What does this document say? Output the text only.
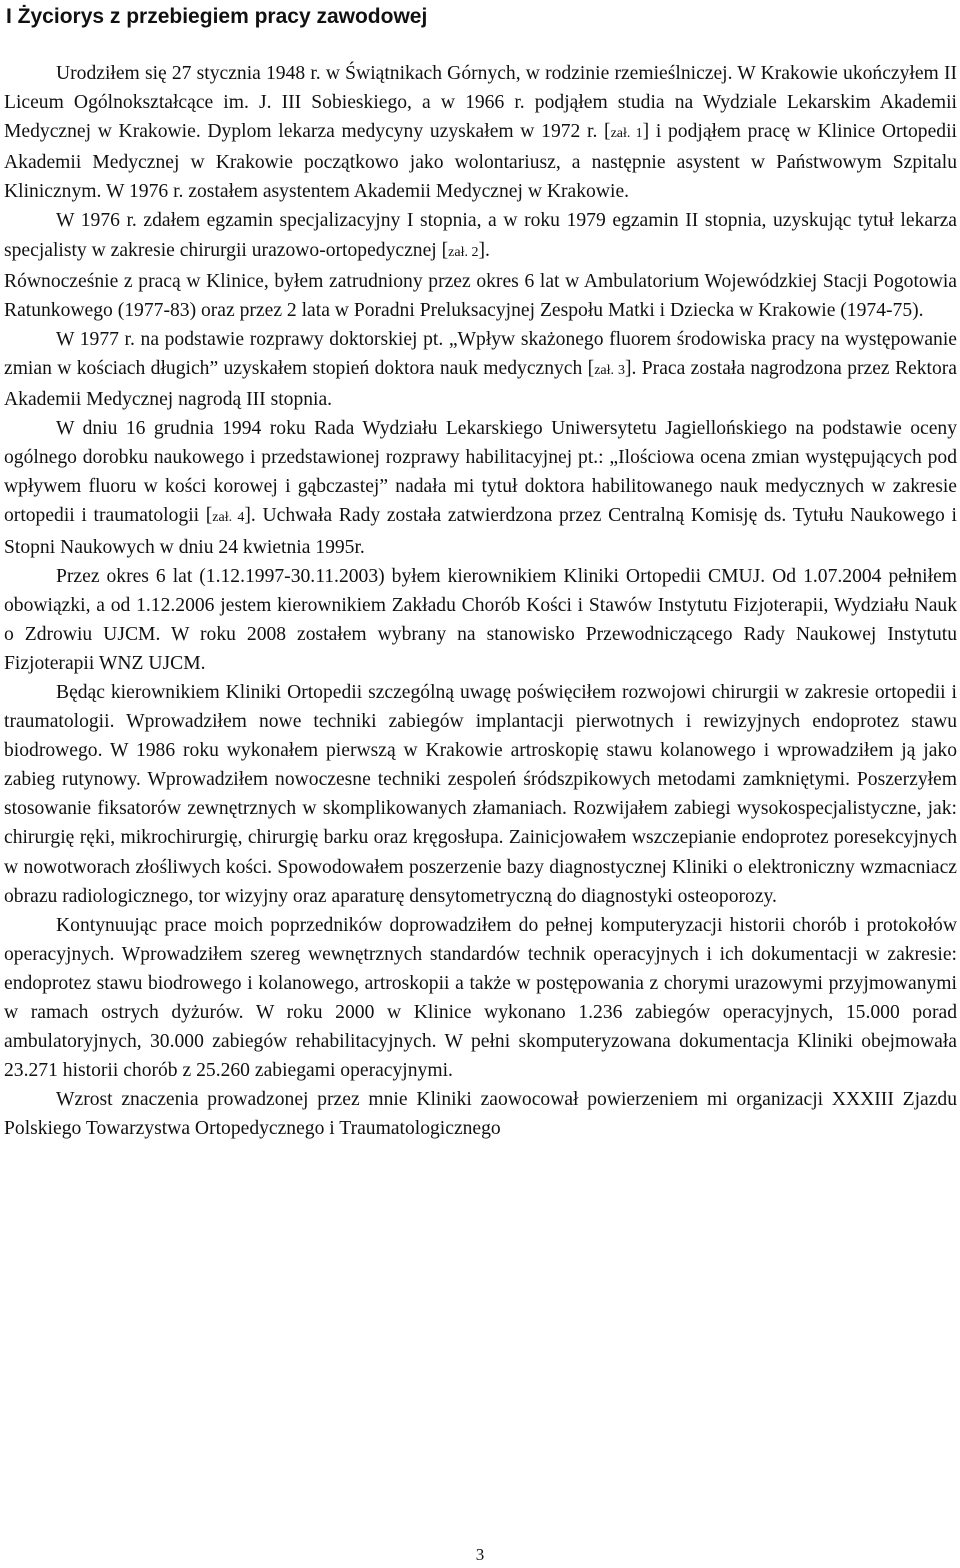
I Życiorys z przebiegiem pracy zawodowej

Urodziłem się 27 stycznia 1948 r. w Świątnikach Górnych, w rodzinie rzemieślniczej. W Krakowie ukończyłem II Liceum Ogólnokształcące im. J. III Sobieskiego, a w 1966 r. podjąłem studia na Wydziale Lekarskim Akademii Medycznej w Krakowie. Dyplom lekarza medycyny uzyskałem w 1972 r. [zał. 1] i podjąłem pracę w Klinice Ortopedii Akademii Medycznej w Krakowie początkowo jako wolontariusz, a następnie asystent w Państwowym Szpitalu Klinicznym. W 1976 r. zostałem asystentem Akademii Medycznej w Krakowie.

W 1976 r. zdałem egzamin specjalizacyjny I stopnia, a w roku 1979 egzamin II stopnia, uzyskując tytuł lekarza specjalisty w zakresie chirurgii urazowo-ortopedycznej [zał. 2].

Równocześnie z pracą w Klinice, byłem zatrudniony przez okres 6 lat w Ambulatorium Wojewódzkiej Stacji Pogotowia Ratunkowego (1977-83) oraz przez 2 lata w Poradni Preluksacyjnej Zespołu Matki i Dziecka w Krakowie (1974-75).

W 1977 r. na podstawie rozprawy doktorskiej pt. „Wpływ skażonego fluorem środowiska pracy na występowanie zmian w kościach długich” uzyskałem stopień doktora nauk medycznych [zał. 3]. Praca została nagrodzona przez Rektora Akademii Medycznej nagrodą III stopnia.

W dniu 16 grudnia 1994 roku Rada Wydziału Lekarskiego Uniwersytetu Jagiellońskiego na podstawie oceny ogólnego dorobku naukowego i przedstawionej rozprawy habilitacyjnej pt.: „Ilościowa ocena zmian występujących pod wpływem fluoru w kości korowej i gąbczastej” nadała mi tytuł doktora habilitowanego nauk medycznych w zakresie ortopedii i traumatologii [zał. 4]. Uchwała Rady została zatwierdzona przez Centralną Komisję ds. Tytułu Naukowego i Stopni Naukowych w dniu 24 kwietnia 1995r.

Przez okres 6 lat (1.12.1997-30.11.2003) byłem kierownikiem Kliniki Ortopedii CMUJ. Od 1.07.2004 pełniłem obowiązki, a od 1.12.2006 jestem kierownikiem Zakładu Chorób Kości i Stawów Instytutu Fizjoterapii, Wydziału Nauk o Zdrowiu UJCM. W roku 2008 zostałem wybrany na stanowisko Przewodniczącego Rady Naukowej Instytutu Fizjoterapii WNZ UJCM.

Będąc kierownikiem Kliniki Ortopedii szczególną uwagę poświęciłem rozwojowi chirurgii w zakresie ortopedii i traumatologii. Wprowadziłem nowe techniki zabiegów implantacji pierwotnych i rewizyjnych endoprotez stawu biodrowego. W 1986 roku wykonałem pierwszą w Krakowie artroskopię stawu kolanowego i wprowadziłem ją jako zabieg rutynowy. Wprowadziłem nowoczesne techniki zespoleń śródszpikowych metodami zamkniętymi. Poszerzyłem stosowanie fiksatorów zewnętrznych w skomplikowanych złamaniach. Rozwijałem zabiegi wysokospecjalistyczne, jak: chirurgię ręki, mikrochirurgię, chirurgię barku oraz kręgosłupa. Zainicjowałem wszczepianie endoprotez poresekcyjnych w nowotworach złośliwych kości. Spowodowałem poszerzenie bazy diagnostycznej Kliniki o elektroniczny wzmacniacz obrazu radiologicznego, tor wizyjny oraz aparaturę densytometryczną do diagnostyki osteoporozy.

Kontynuując prace moich poprzedników doprowadziłem do pełnej komputeryzacji historii chorób i protokołów operacyjnych. Wprowadziłem szereg wewnętrznych standardów technik operacyjnych i ich dokumentacji w zakresie: endoprotez stawu biodrowego i kolanowego, artroskopii a także w postępowania z chorymi urazowymi przyjmowanymi w ramach ostrych dyżurów. W roku 2000 w Klinice wykonano 1.236 zabiegów operacyjnych, 15.000 porad ambulatoryjnych, 30.000 zabiegów rehabilitacyjnych. W pełni skomputeryzowana dokumentacja Kliniki obejmowała 23.271 historii chorób z 25.260 zabiegami operacyjnymi.

Wzrost znaczenia prowadzonej przez mnie Kliniki zaowocował powierzeniem mi organizacji XXXIII Zjazdu Polskiego Towarzystwa Ortopedycznego i Traumatologicznego

3
